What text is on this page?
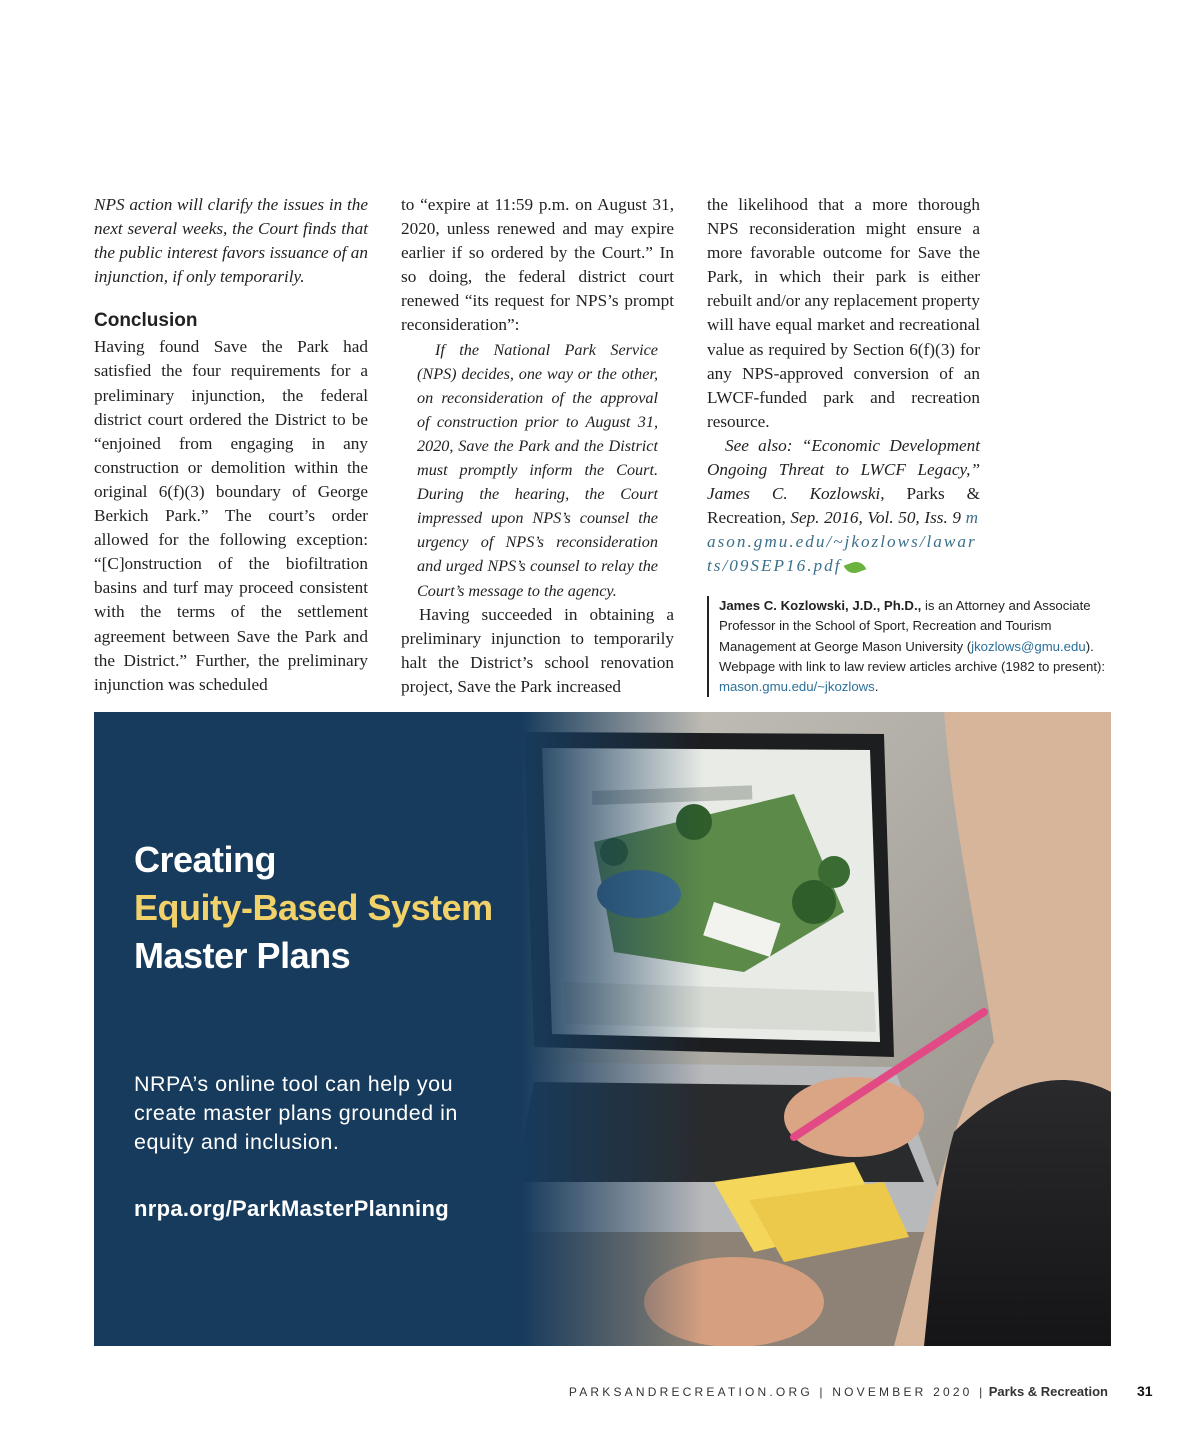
NPS action will clarify the issues in the next several weeks, the Court finds that the public interest favors issuance of an injunction, if only temporarily.

Conclusion

Having found Save the Park had satisfied the four requirements for a preliminary injunction, the federal district court ordered the District to be “enjoined from engaging in any construction or demolition within the original 6(f)(3) boundary of George Berkich Park.” The court’s order allowed for the following exception: “[C]onstruction of the biofiltration basins and turf may proceed consistent with the terms of the settlement agreement between Save the Park and the District.” Further, the preliminary injunction was scheduled

to “expire at 11:59 p.m. on August 31, 2020, unless renewed and may expire earlier if so ordered by the Court.” In so doing, the federal district court renewed “its request for NPS’s prompt reconsideration”:

If the National Park Service (NPS) decides, one way or the other, on reconsideration of the approval of construction prior to August 31, 2020, Save the Park and the District must promptly inform the Court. During the hearing, the Court impressed upon NPS’s counsel the urgency of NPS’s reconsideration and urged NPS’s counsel to relay the Court’s message to the agency.

Having succeeded in obtaining a preliminary injunction to temporarily halt the District’s school renovation project, Save the Park increased

the likelihood that a more thorough NPS reconsideration might ensure a more favorable outcome for Save the Park, in which their park is either rebuilt and/or any replacement property will have equal market and recreational value as required by Section 6(f)(3) for any NPS-approved conversion of an LWCF-funded park and recreation resource.

See also: “Economic Development Ongoing Threat to LWCF Legacy,” James C. Kozlowski, Parks & Recreation, Sep. 2016, Vol. 50, Iss. 9 mason.gmu.edu/~jkozlows/lawarts/09SEP16.pdf

James C. Kozlowski, J.D., Ph.D., is an Attorney and Associate Professor in the School of Sport, Recreation and Tourism Management at George Mason University (jkozlows@gmu.edu). Webpage with link to law review articles archive (1982 to present): mason.gmu.edu/~jkozlows.
Creating
Equity-Based System
Master Plans
NRPA’s online tool can help you create master plans grounded in equity and inclusion.
nrpa.org/ParkMasterPlanning
PARKSANDRECREATION.ORG | NOVEMBER 2020 | Parks & Recreation 31
